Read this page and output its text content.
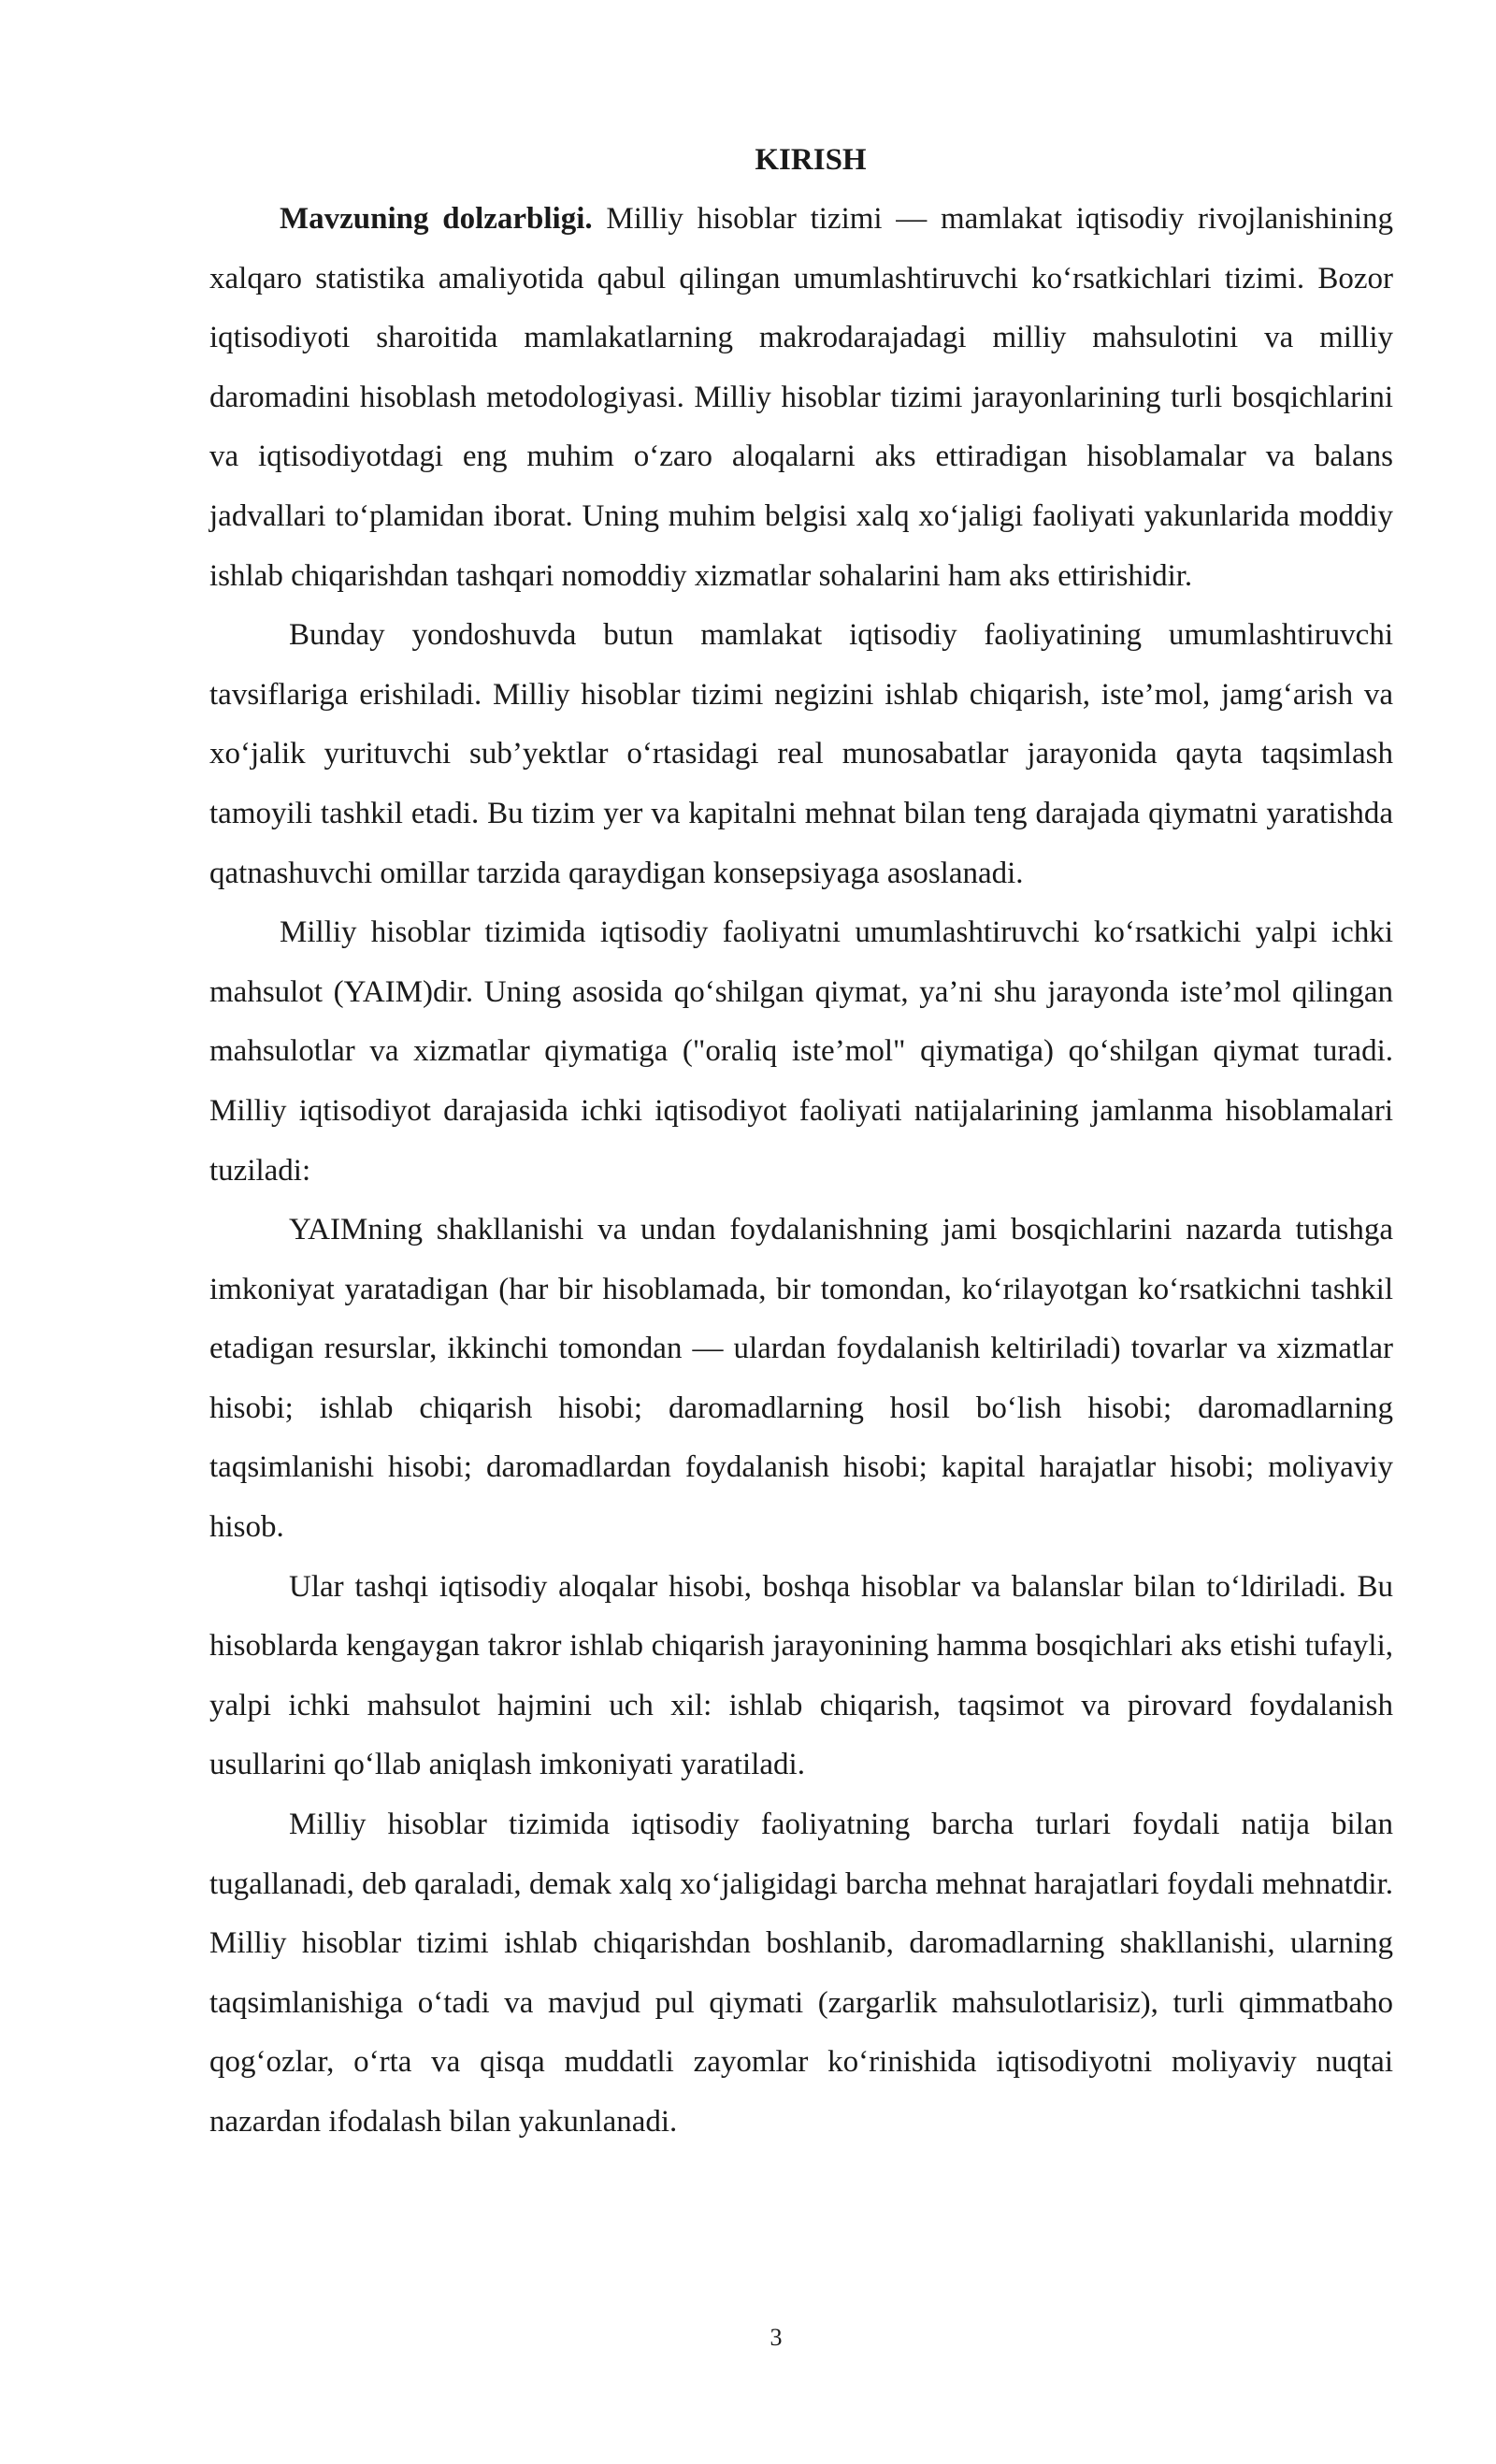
KIRISH

Mavzuning dolzarbligi. Milliy hisoblar tizimi — mamlakat iqtisodiy rivojlanishining xalqaro statistika amaliyotida qabul qilingan umumlashtiruvchi ko‘rsatkichlari tizimi. Bozor iqtisodiyoti sharoitida mamlakatlarning makrodarajadagi milliy mahsulotini va milliy daromadini hisoblash metodologiyasi. Milliy hisoblar tizimi jarayonlarining turli bosqichlarini va iqtisodiyotdagi eng muhim o‘zaro aloqalarni aks ettiradigan hisoblamalar va balans jadvallari to‘plamidan iborat. Uning muhim belgisi xalq xo‘jaligi faoliyati yakunlarida moddiy ishlab chiqarishdan tashqari nomoddiy xizmatlar sohalarini ham aks ettirishidir.

Bunday yondoshuvda butun mamlakat iqtisodiy faoliyatining umumlashtiruvchi tavsiflariga erishiladi. Milliy hisoblar tizimi negizini ishlab chiqarish, iste’mol, jamg‘arish va xo‘jalik yurituvchi sub’yektlar o‘rtasidagi real munosabatlar jarayonida qayta taqsimlash tamoyili tashkil etadi. Bu tizim yer va kapitalni mehnat bilan teng darajada qiymatni yaratishda qatnashuvchi omillar tarzida qaraydigan konsepsiyaga asoslanadi.

Milliy hisoblar tizimida iqtisodiy faoliyatni umumlashtiruvchi ko‘rsatkichi yalpi ichki mahsulot (YAIM)dir. Uning asosida qo‘shilgan qiymat, ya’ni shu jarayonda iste’mol qilingan mahsulotlar va xizmatlar qiymatiga ("oraliq iste’mol" qiymatiga) qo‘shilgan qiymat turadi. Milliy iqtisodiyot darajasida ichki iqtisodiyot faoliyati natijalarining jamlanma hisoblamalari tuziladi:

YAIMning shakllanishi va undan foydalanishning jami bosqichlarini nazarda tutishga imkoniyat yaratadigan (har bir hisoblamada, bir tomondan, ko‘rilayotgan ko‘rsatkichni tashkil etadigan resurslar, ikkinchi tomondan — ulardan foydalanish keltiriladi) tovarlar va xizmatlar hisobi; ishlab chiqarish hisobi; daromadlarning hosil bo‘lish hisobi; daromadlarning taqsimlanishi hisobi; daromadlardan foydalanish hisobi; kapital harajatlar hisobi; moliyaviy hisob.

Ular tashqi iqtisodiy aloqalar hisobi, boshqa hisoblar va balanslar bilan to‘ldiriladi. Bu hisoblarda kengaygan takror ishlab chiqarish jarayonining hamma bosqichlari aks etishi tufayli, yalpi ichki mahsulot hajmini uch xil: ishlab chiqarish, taqsimot va pirovard foydalanish usullarini qo‘llab aniqlash imkoniyati yaratiladi.

Milliy hisoblar tizimida iqtisodiy faoliyatning barcha turlari foydali natija bilan tugallanadi, deb qaraladi, demak xalq xo‘jaligidagi barcha mehnat harajatlari foydali mehnatdir. Milliy hisoblar tizimi ishlab chiqarishdan boshlanib, daromadlarning shakllanishi, ularning taqsimlanishiga o‘tadi va mavjud pul qiymati (zargarlik mahsulotlarisiz), turli qimmatbaho qog‘ozlar, o‘rta va qisqa muddatli zayomlar ko‘rinishida iqtisodiyotni moliyaviy nuqtai nazardan ifodalash bilan yakunlanadi.

3
